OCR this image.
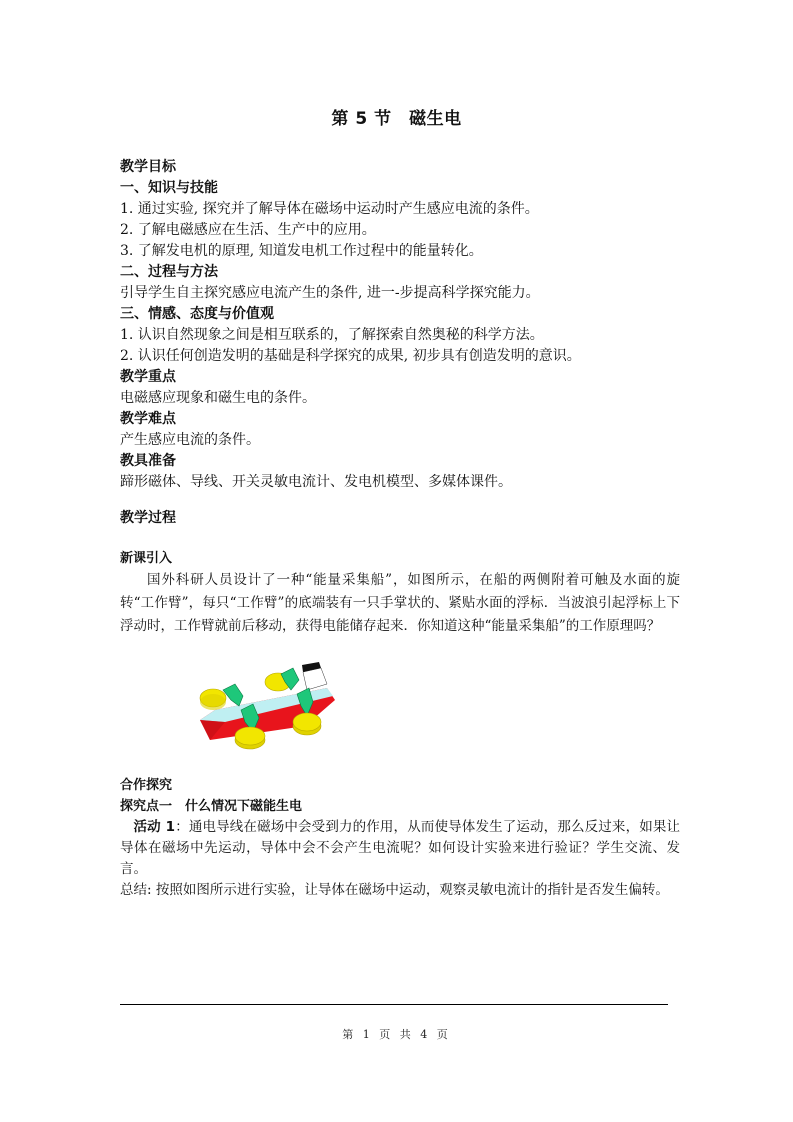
第 5 节　磁生电
教学目标
一、知识与技能
1. 通过实验, 探究并了解导体在磁场中运动时产生感应电流的条件。
2. 了解电磁感应在生活、生产中的应用。
3. 了解发电机的原理, 知道发电机工作过程中的能量转化。
二、过程与方法
引导学生自主探究感应电流产生的条件, 进一-步提高科学探究能力。
三、情感、态度与价值观
1. 认识自然现象之间是相互联系的，了解探索自然奥秘的科学方法。
2. 认识任何创造发明的基础是科学探究的成果, 初步具有创造发明的意识。
教学重点
电磁感应现象和磁生电的条件。
教学难点
产生感应电流的条件。
教具准备
蹄形磁体、导线、开关灵敏电流计、发电机模型、多媒体课件。
教学过程
新课引入
国外科研人员设计了一种“能量采集船”，如图所示，在船的两侧附着可触及水面的旋转“工作臂”，每只“工作臂”的底端装有一只手掌状的、紧贴水面的浮标．当波浪引起浮标上下浮动时，工作臂就前后移动，获得电能储存起来．你知道这种“能量采集船”的工作原理吗？
合作探究
探究点一　什么情况下磁能生电
活动 1：通电导线在磁场中会受到力的作用，从而使导体发生了运动，那么反过来，如果让导体在磁场中先运动，导体中会不会产生电流呢？如何设计实验来进行验证？学生交流、发言。
总结: 按照如图所示进行实验，让导体在磁场中运动，观察灵敏电流计的指针是否发生偏转。
第 1 页 共 4 页
